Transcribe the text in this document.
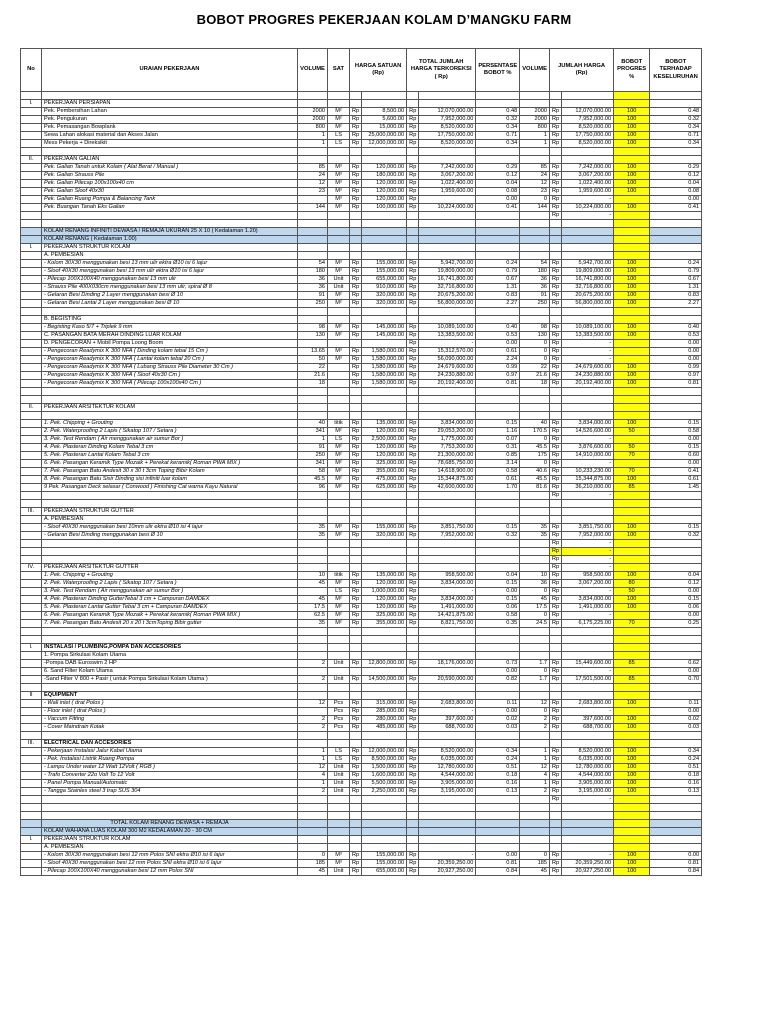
BOBOT PROGRES PEKERJAAN KOLAM D’MANGKU FARM
No	URAIAN PEKERJAAN	VOLUME	SAT	HARGA SATUAN (Rp)		TOTAL JUMLAH HARGA TERKOREKSI ( Rp)		PERSENTASE BOBOT %	VOLUME	JUMLAH HARGA (Rp)		BOBOT PROGRES %	BOBOT TERHADAP KESELURUHAN

I.	PEKERJAAN PERSIAPAN												
	Pek. Pembersihan Lahan	2000	M²	Rp	8,500.00	Rp	12,070,000.00	0.48	2000	Rp	12,070,000.00	100	0.48
	Pek. Pengukuran	2000	M²	Rp	5,600.00	Rp	7,952,000.00	0.32	2000	Rp	7,952,000.00	100	0.32
	Pek. Pemasangan Bowplank	800	M²	Rp	15,000.00	Rp	8,520,000.00	0.34	800	Rp	8,520,000.00	100	0.34
	Sewa Lahan alokasi material dan Akses Jalan	1	LS	Rp	25,000,000.00	Rp	17,750,000.00	0.71	1	Rp	17,750,000.00	100	0.71
	Mess Pekerja + Direksikit	1	LS	Rp	12,000,000.00	Rp	8,520,000.00	0.34	1	Rp	8,520,000.00	100	0.34

II.	PEKERJAAN GALIAN												
	Pek. Galian Tanah untuk Kolam ( Alat Berat / Manual )	85	M³	Rp	120,000.00	Rp	7,242,000.00	0.29	85	Rp	7,242,000.00	100	0.29
	Pek. Galian Strauss Pile	24	M³	Rp	180,000.00	Rp	3,067,200.00	0.12	24	Rp	3,067,200.00	100	0.12
	Pek. Galian Pilecap 100x100x40 cm	12	M³	Rp	120,000.00	Rp	1,022,400.00	0.04	12	Rp	1,022,400.00	100	0.04
	Pek. Galian Sloof 40x30	23	M³	Rp	120,000.00	Rp	1,959,600.00	0.08	23	Rp	1,959,600.00	100	0.08
	Pek. Galian Ruang Pompa & Balancing Tank		M³	Rp	120,000.00	Rp		0.00	0	Rp	-		0.00
	Pek. Buangan Tanah Eks Galian	144	M³	Rp	100,000.00	Rp	10,224,000.00	0.41	144	Rp	10,224,000.00	100	0.41
										Rp	-		

	KOLAM RENANG INFINITI DEWASA / REMAJA UKURAN 25 X 10 ( Kedalaman 1.20)												
	KOLAM RENANG ( Kedalaman 1.00)												
I.	PEKERJAAN STRUKTUR KOLAM												
	A. PEMBESIAN												
	- Kolom 30X30 menggunakan besi 13 mm ulir ektra Ø10 isi 6 lajur	54	M³	Rp	155,000.00	Rp	5,942,700.00	0.24	54	Rp	5,942,700.00	100	0.24
	- Sloof 40X30 menggunakan besi 13 mm ulir ektra Ø10 isi 6 lajur	180	M³	Rp	155,000.00	Rp	19,809,000.00	0.79	180	Rp	19,809,000.00	100	0.79
	- Pilecap 100X100X40 menggunakan besi 13 mm ulir	36	Unit	Rp	655,000.00	Rp	16,741,800.00	0.67	36	Rp	16,741,800.00	100	0.67
	- Strauss Pile 400X030cm menggunakan besi 13 mm ulir, spiral Ø 8	36	Unit	Rp	910,000.00	Rp	32,716,800.00	1.31	36	Rp	32,716,800.00	100	1.31
	- Gelaran Besi Dinding 2 Layer menggunakan besi Ø 10	91	M²	Rp	320,000.00	Rp	20,675,200.00	0.83	91	Rp	20,675,200.00	100	0.83
	- Gelaran Besi Lantai 2 Layer menggunakan besi Ø 10	250	M²	Rp	320,000.00	Rp	56,800,000.00	2.27	250	Rp	56,800,000.00	100	2.27

	B. BEGISTING												
	- Begisting Kaso 5/7 + Triplek 9 mm	98	M²	Rp	145,000.00	Rp	10,089,100.00	0.40	98	Rp	10,089,100.00	100	0.40
	C. PASANGAN BATA MERAH DINDING LUAR KOLAM	130	M²	Rp	145,000.00	Rp	13,383,500.00	0.53	130	Rp	13,383,500.00	100	0.53
	D. PENGECORAN + Mobil Pompa Loong Boom					Rp	-	0.00	0	Rp	-		0.00
	- Pengecoran Readymix K 300 NFA ( Dinding kolam tebal 15 Cm )	13.65	M³	Rp	1,580,000.00	Rp	15,312,570.00	0.61	0	Rp	-		0.00
	- Pengecoran Readymix K 300 NFA ( Lantai kolam tebal 20 Cm )	50	M³	Rp	1,580,000.00	Rp	56,090,000.00	2.24	0	Rp	-		0.00
	- Pengecoran Readymix K 300 NFA ( Lubang Strauss Pile Diameter 30 Cm )	22		Rp	1,580,000.00	Rp	24,679,600.00	0.99	22	Rp	24,679,600.00	100	0.99
	- Pengecoran Readymix K 300 NFA ( Sloof 40x30 Cm )	21.6		Rp	1,580,000.00	Rp	24,230,880.00	0.97	21.6	Rp	24,230,880.00	100	0.97
	- Pengecoran Readymix K 300 NFA ( Pilecap 100x100x40 Cm )	18		Rp	1,580,000.00	Rp	20,192,400.00	0.81	18	Rp	20,192,400.00	100	0.81

II.	PEKERJAAN ARSITEKTUR KOLAM												

	1. Pek. Chipping + Grouting	40	titik	Rp	135,000.00	Rp	3,834,000.00	0.15	40	Rp	3,834,000.00	100	0.15
	2. Pek. Waterproofing 2 Lapis ( Sikatop 107 / Setara )	341	M²	Rp	120,000.00	Rp	29,053,200.00	1.16	170.5	Rp	14,526,600.00	50	0.58
	3. Pek. Test Rendam ( Air menggunakan air sumur Bor )	1	LS	Rp	2,500,000.00	Rp	1,775,000.00	0.07	0	Rp	-		0.00
	4. Pek. Plasteran Dinding Kolam Tebal 3 cm	91	M²	Rp	120,000.00	Rp	7,753,200.00	0.31	45.5	Rp	3,876,600.00	50	0.15
	5. Pek. Plasteran Lantai Kolam Tebal 3 cm	250	M²	Rp	120,000.00	Rp	21,300,000.00	0.85	175	Rp	14,910,000.00	70	0.60
	6. Pek. Pasangan Keramik Type Mozaik + Perekat keramik( Roman PWA MIX )	341	M²	Rp	325,000.00	Rp	78,685,750.00	3.14	0	Rp	-		0.00
	7. Pek. Pasangan Batu Andesit 30 x 30 t 3cm Toping Bibir Kolam	58	M²	Rp	355,000.00	Rp	14,618,900.00	0.58	40.6	Rp	10,233,230.00	70	0.41
	8. Pek. Pasangan Batu Sisir Dinding sisi infiniti luar kolam	45.5	M²	Rp	475,000.00	Rp	15,344,875.00	0.61	45.5	Rp	15,344,875.00	100	0.61
	9 Pek. Pasangan Deck selasar ( Conwood ) Finishing Cat warna Kayu Natural	96	M²	Rp	625,000.00	Rp	42,600,000.00	1.70	81.6	Rp	36,210,000.00	85	1.45
										Rp	-		

III.	PEKERJAAN STRUKTUR GUTTER												
	A. PEMBESIAN												
	- Sloof 40X30 menggunakan besi 10mm ulir ektra Ø10 isi 4 lajur	35	M³	Rp	155,000.00	Rp	3,851,750.00	0.15	35	Rp	3,851,750.00	100	0.15
	- Gelaran Besi Dinding menggunakan besi Ø 10	35	M²	Rp	320,000.00	Rp	7,952,000.00	0.32	35	Rp	7,952,000.00	100	0.32
										Rp	-		
										Rp	-		
										Rp	-		
IV.	PEKERJAAN ARSITEKTUR GUTTER									Rp	-		
	1. Pek. Chipping + Grouting	10	titik	Rp	135,000.00	Rp	958,500.00	0.04	10	Rp	958,500.00	100	0.04
	2. Pek. Waterproofing 2 Lapis ( Sikatop 107 / Setara )	45	M²	Rp	120,000.00	Rp	3,834,000.00	0.15	36	Rp	3,067,200.00	80	0.12
	3. Pek. Test Rendam ( Air menggunakan air sumur Bor )		LS	Rp	1,000,000.00	Rp	-	0.00	0	Rp	-	50	0.00
	4. Pek. Plasteran Dinding GutterTebal 3 cm + Campuran DAMDEX	45	M²	Rp	120,000.00	Rp	3,834,000.00	0.15	45	Rp	3,834,000.00	100	0.15
	5. Pek. Plasteran Lantai Gutter Tebal 3 cm + Campuran DAMDEX	17.5	M²	Rp	120,000.00	Rp	1,491,000.00	0.06	17.5	Rp	1,491,000.00	100	0.06
	6. Pek. Pasangan Keramik Type Mozaik + Perekat keramik( Roman PWA MIX )	62.5	M²	Rp	325,000.00	Rp	14,421,875.00	0.58	0	Rp	-		0.00
	7. Pek. Pasangan Batu Andesit 20 x 20 t 3cmToping Bibir gutter	35	M²	Rp	355,000.00	Rp	8,821,750.00	0.35	24.5	Rp	6,175,225.00	70	0.25

I.	INSTALASI / PLUMBING,POMPA DAN ACCESORIES												
	1. Pompa Sirkulasi Kolam Utama												
	-Pompa DAB Euroswim 2 HP	2	Unit	Rp	12,800,000.00	Rp	18,176,000.00	0.73	1.7	Rp	15,449,600.00	85	0.62
	6. Sand Filter Kolam Utama							0.00	0	Rp	-		0.00
	-Sand Filter V 800 + Pasir ( untuk Pompa Sirkulasi Kolam Utama )	2	Unit	Rp	14,500,000.00	Rp	20,590,000.00	0.82	1.7	Rp	17,501,500.00	85	0.70

II	EQUIPMENT												
	- Wall inlet ( drat Polos )	12	Pcs	Rp	315,000.00	Rp	2,683,800.00	0.11	12	Rp	2,683,800.00	100	0.11
	- Floor inlet ( drat Polos )		Pcs	Rp	285,000.00	Rp	-	0.00	0	Rp	-		0.00
	- Vaccum Fitting	2	Pcs	Rp	280,000.00	Rp	397,600.00	0.02	2	Rp	397,600.00	100	0.02
	- Cover Maindrain Kotak	2	Pcs	Rp	485,000.00	Rp	688,700.00	0.03	2	Rp	688,700.00	100	0.03

III.	ELECTRICAL DAN ACCESORIES												
	- Pekerjaan Instalasi Jalur Kabel Utama	1	LS	Rp	12,000,000.00	Rp	8,520,000.00	0.34	1	Rp	8,520,000.00	100	0.34
	- Pek. Instalasi Listrik Ruang Pompa	1	LS	Rp	8,500,000.00	Rp	6,035,000.00	0.24	1	Rp	6,035,000.00	100	0.24
	- Lampu Under water 12 Watt 12Volt ( RGB )	12	Unit	Rp	1,500,000.00	Rp	12,780,000.00	0.51	12	Rp	12,780,000.00	100	0.51
	- Trafo Converter 22o Volt To 12 Volt	4	Unit	Rp	1,600,000.00	Rp	4,544,000.00	0.18	4	Rp	4,544,000.00	100	0.18
	- Panel Pompa Manual/Automatic	1	Unit	Rp	5,500,000.00	Rp	3,905,000.00	0.16	1	Rp	3,905,000.00	100	0.16
	- Tangga Stainles steel 3 trap SUS 304	2	Unit	Rp	2,250,000.00	Rp	3,195,000.00	0.13	2	Rp	3,195,000.00	100	0.13
										Rp	-		

	TOTAL KOLAM RENANG DEWASA + REMAJA												
	KOLAM WAHANA LUAS KOLAM 300 M2 KEDALAMAN 20 - 30 CM												
I.	PEKERJAAN STRUKTUR KOLAM												
	A. PEMBESIAN												
	- Kolom 30X30 menggunakan besi 12 mm Polos SNI ektra Ø10 isi 6 lajur	0	M³	Rp	155,000.00	Rp	-	0.00	0	Rp	-	100	0.00
	- Sloof 40X30 menggunakan besi 12 mm Polos SNI ektra Ø10 isi 6 lajur	185	M³	Rp	155,000.00	Rp	20,359,250.00	0.81	185	Rp	20,359,250.00	100	0.81
	- Pilecap 100X100X40 menggunakan besi 12 mm Polos SNI	45	Unit	Rp	655,000.00	Rp	20,927,250.00	0.84	45	Rp	20,927,250.00	100	0.84
